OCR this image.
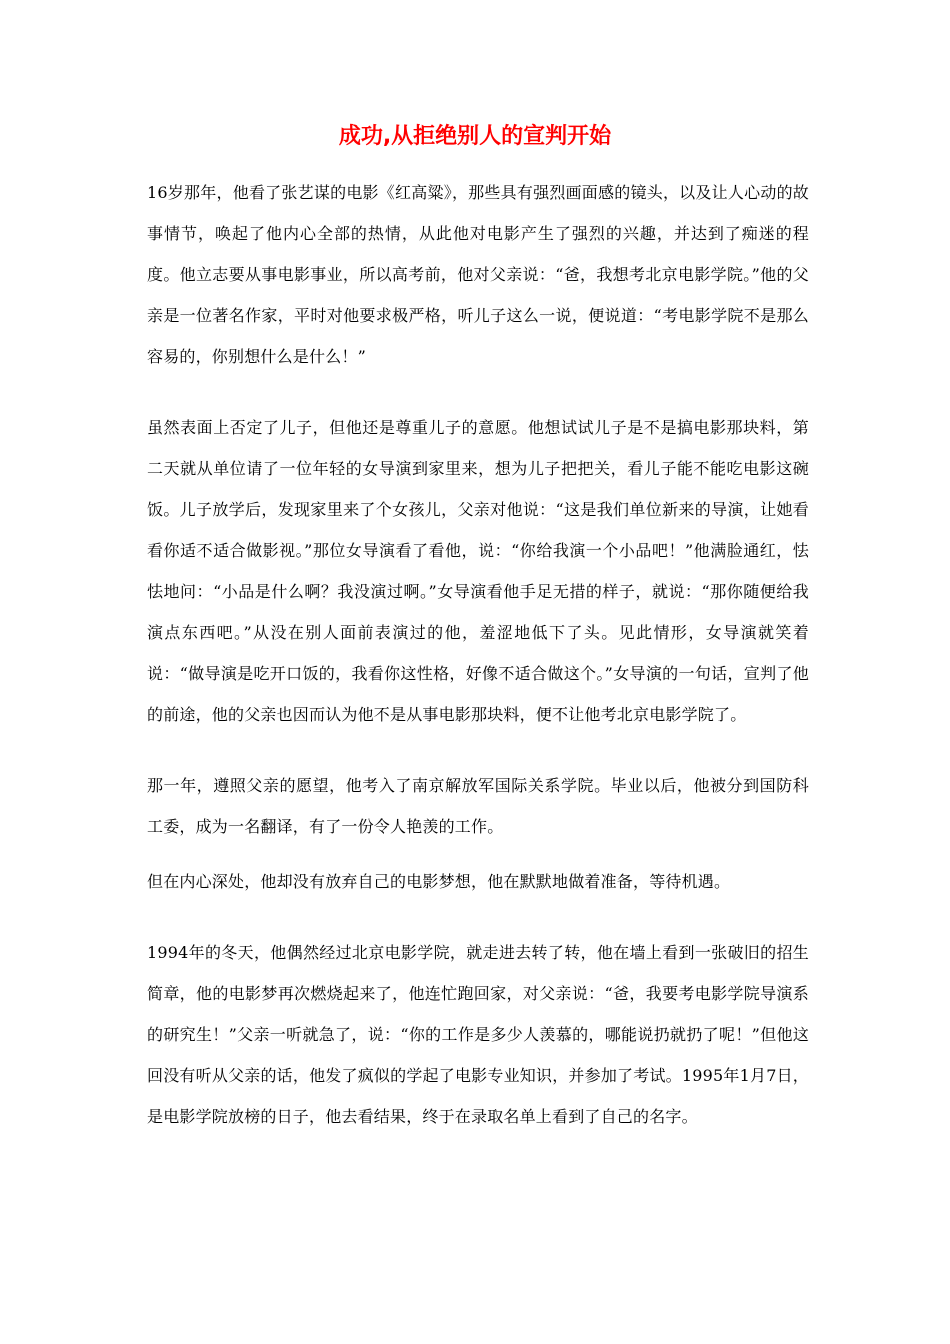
成功,从拒绝别人的宣判开始

16岁那年，他看了张艺谋的电影《红高粱》，那些具有强烈画面感的镜头，以及让人心动的故事情节，唤起了他内心全部的热情，从此他对电影产生了强烈的兴趣，并达到了痴迷的程度。他立志要从事电影事业，所以高考前，他对父亲说：“爸，我想考北京电影学院。”他的父亲是一位著名作家，平时对他要求极严格，听儿子这么一说，便说道：“考电影学院不是那么容易的，你别想什么是什么！”

虽然表面上否定了儿子，但他还是尊重儿子的意愿。他想试试儿子是不是搞电影那块料，第二天就从单位请了一位年轻的女导演到家里来，想为儿子把把关，看儿子能不能吃电影这碗饭。儿子放学后，发现家里来了个女孩儿，父亲对他说：“这是我们单位新来的导演，让她看看你适不适合做影视。”那位女导演看了看他，说：“你给我演一个小品吧！”他满脸通红，怯怯地问：“小品是什么啊？我没演过啊。”女导演看他手足无措的样子，就说：“那你随便给我演点东西吧。”从没在别人面前表演过的他，羞涩地低下了头。见此情形，女导演就笑着说：“做导演是吃开口饭的，我看你这性格，好像不适合做这个。”女导演的一句话，宣判了他的前途，他的父亲也因而认为他不是从事电影那块料，便不让他考北京电影学院了。

那一年，遵照父亲的愿望，他考入了南京解放军国际关系学院。毕业以后，他被分到国防科工委，成为一名翻译，有了一份令人艳羡的工作。

但在内心深处，他却没有放弃自己的电影梦想，他在默默地做着准备，等待机遇。

1994年的冬天，他偶然经过北京电影学院，就走进去转了转，他在墙上看到一张破旧的招生简章，他的电影梦再次燃烧起来了，他连忙跑回家，对父亲说：“爸，我要考电影学院导演系的研究生！”父亲一听就急了，说：“你的工作是多少人羡慕的，哪能说扔就扔了呢！”但他这回没有听从父亲的话，他发了疯似的学起了电影专业知识，并参加了考试。1995年1月7日，是电影学院放榜的日子，他去看结果，终于在录取名单上看到了自己的名字。
